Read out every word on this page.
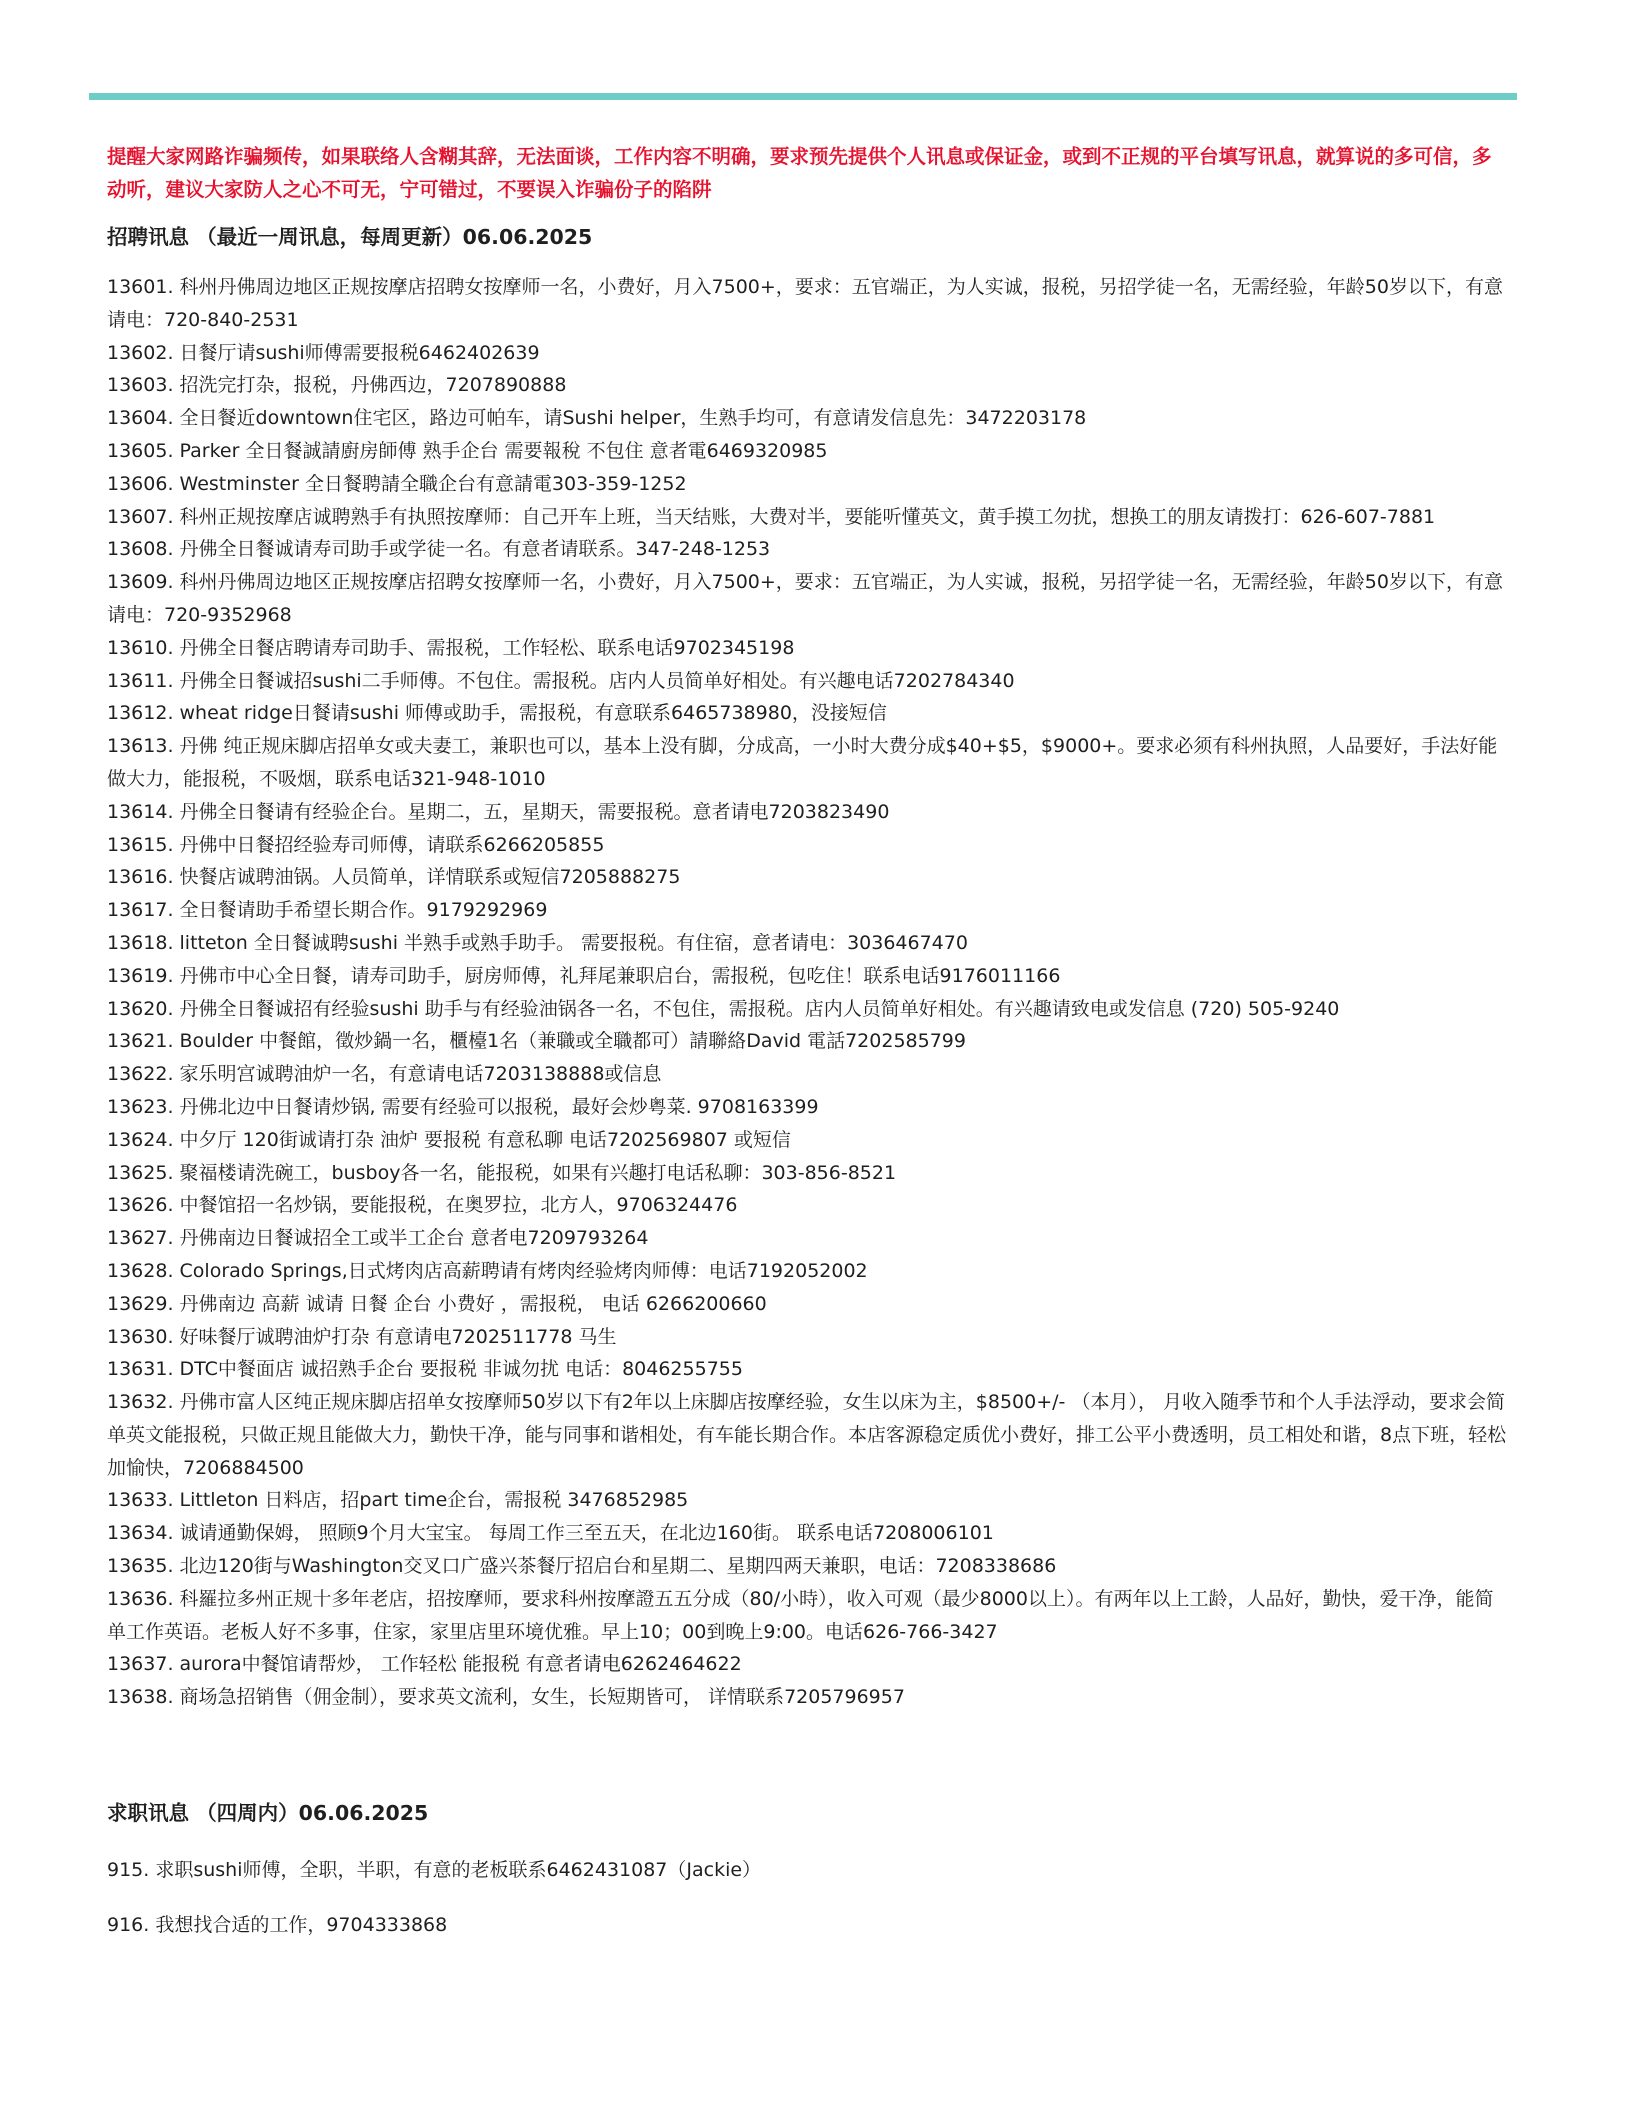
提醒大家网路诈骗频传，如果联络人含糊其辞，无法面谈，工作内容不明确，要求预先提供个人讯息或保证金，或到不正规的平台填写讯息，就算说的多可信，多动听，建议大家防人之心不可无，宁可错过，不要误入诈骗份子的陷阱

招聘讯息 （最近一周讯息，每周更新）06.06.2025
13601. 科州丹佛周边地区正规按摩店招聘女按摩师一名，小费好，月入7500+，要求：五官端正，为人实诚，报税，另招学徒一名，无需经验，年龄50岁以下，有意请电：720-840-2531
13602. 日餐厅请sushi师傅需要报税6462402639
13603. 招洗完打杂，报税，丹佛西边，7207890888
13604. 全日餐近downtown住宅区，路边可帕车，请Sushi helper，生熟手均可，有意请发信息先：3472203178
13605. Parker 全日餐誠請廚房師傅 熟手企台 需要報稅 不包住 意者電6469320985
13606. Westminster 全日餐聘請全職企台有意請電303-359-1252
13607. 科州正规按摩店诚聘熟手有执照按摩师：自己开车上班，当天结账，大费对半，要能听懂英文，黄手摸工勿扰，想换工的朋友请拨打：626-607-7881
13608. 丹佛全日餐诚请寿司助手或学徒一名。有意者请联系。347-248-1253
13609. 科州丹佛周边地区正规按摩店招聘女按摩师一名，小费好，月入7500+，要求：五官端正，为人实诚，报税，另招学徒一名，无需经验，年龄50岁以下，有意请电：720-9352968
13610. 丹佛全日餐店聘请寿司助手、需报税，工作轻松、联系电话9702345198
13611. 丹佛全日餐诚招sushi二手师傅。不包住。需报税。店内人员简单好相处。有兴趣电话7202784340
13612. wheat ridge日餐请sushi 师傅或助手，需报税，有意联系6465738980，没接短信
13613. 丹佛 纯正规床脚店招单女或夫妻工，兼职也可以，基本上没有脚，分成高，一小时大费分成$40+$5，$9000+。要求必须有科州执照，人品要好，手法好能做大力，能报税，不吸烟，联系电话321-948-1010
13614. 丹佛全日餐请有经验企台。星期二，五，星期天，需要报税。意者请电7203823490
13615. 丹佛中日餐招经验寿司师傅，请联系6266205855
13616. 快餐店诚聘油锅。人员简单，详情联系或短信7205888275
13617. 全日餐请助手希望长期合作。9179292969
13618. litteton 全日餐诚聘sushi 半熟手或熟手助手。 需要报税。有住宿，意者请电：3036467470
13619. 丹佛市中心全日餐，请寿司助手，厨房师傅，礼拜尾兼职启台，需报税，包吃住！联系电话9176011166
13620. 丹佛全日餐诚招有经验sushi 助手与有经验油锅各一名，不包住，需报税。店内人员简单好相处。有兴趣请致电或发信息 (720) 505-9240
13621. Boulder 中餐館，徵炒鍋一名，櫃檯1名（兼職或全職都可）請聯絡David 電話7202585799
13622. 家乐明宫诚聘油炉一名，有意请电话7203138888或信息
13623. 丹佛北边中日餐请炒锅, 需要有经验可以报税，最好会炒粤菜. 9708163399
13624. 中夕厅 120街诚请打杂 油炉 要报税 有意私聊 电话7202569807 或短信
13625. 聚福楼请洗碗工，busboy各一名，能报税，如果有兴趣打电话私聊：303-856-8521
13626. 中餐馆招一名炒锅，要能报税，在奥罗拉，北方人，9706324476
13627. 丹佛南边日餐诚招全工或半工企台 意者电7209793264
13628. Colorado Springs,日式烤肉店高薪聘请有烤肉经验烤肉师傅：电话7192052002
13629. 丹佛南边 高薪 诚请 日餐 企台 小费好 ，需报税， 电话 6266200660
13630. 好味餐厅诚聘油炉打杂 有意请电7202511778 马生
13631. DTC中餐面店 诚招熟手企台 要报税 非诚勿扰 电话：8046255755
13632. 丹佛市富人区纯正规床脚店招单女按摩师50岁以下有2年以上床脚店按摩经验，女生以床为主，$8500+/- （本月）， 月收入随季节和个人手法浮动，要求会简单英文能报税，只做正规且能做大力，勤快干净，能与同事和谐相处，有车能长期合作。本店客源稳定质优小费好，排工公平小费透明，员工相处和谐，8点下班，轻松加愉快，7206884500
13633. Littleton 日料店，招part time企台，需报税 3476852985
13634. 诚请通勤保姆， 照顾9个月大宝宝。 每周工作三至五天，在北边160街。 联系电话7208006101
13635. 北边120街与Washington交叉口广盛兴茶餐厅招启台和星期二、星期四两天兼职，电话：7208338686
13636. 科羅拉多州正规十多年老店，招按摩师，要求科州按摩證五五分成（80/小時），收入可观（最少8000以上）。有两年以上工龄，人品好，勤快，爱干净，能简单工作英语。老板人好不多事，住家，家里店里环境优雅。早上10；00到晚上9:00。电话626-766-3427
13637. aurora中餐馆请帮炒， 工作轻松 能报税 有意者请电6262464622
13638. 商场急招销售（佣金制），要求英文流利，女生，长短期皆可， 详情联系7205796957
求职讯息 （四周内）06.06.2025

915. 求职sushi师傅，全职，半职，有意的老板联系6462431087（Jackie）

916. 我想找合适的工作，9704333868
